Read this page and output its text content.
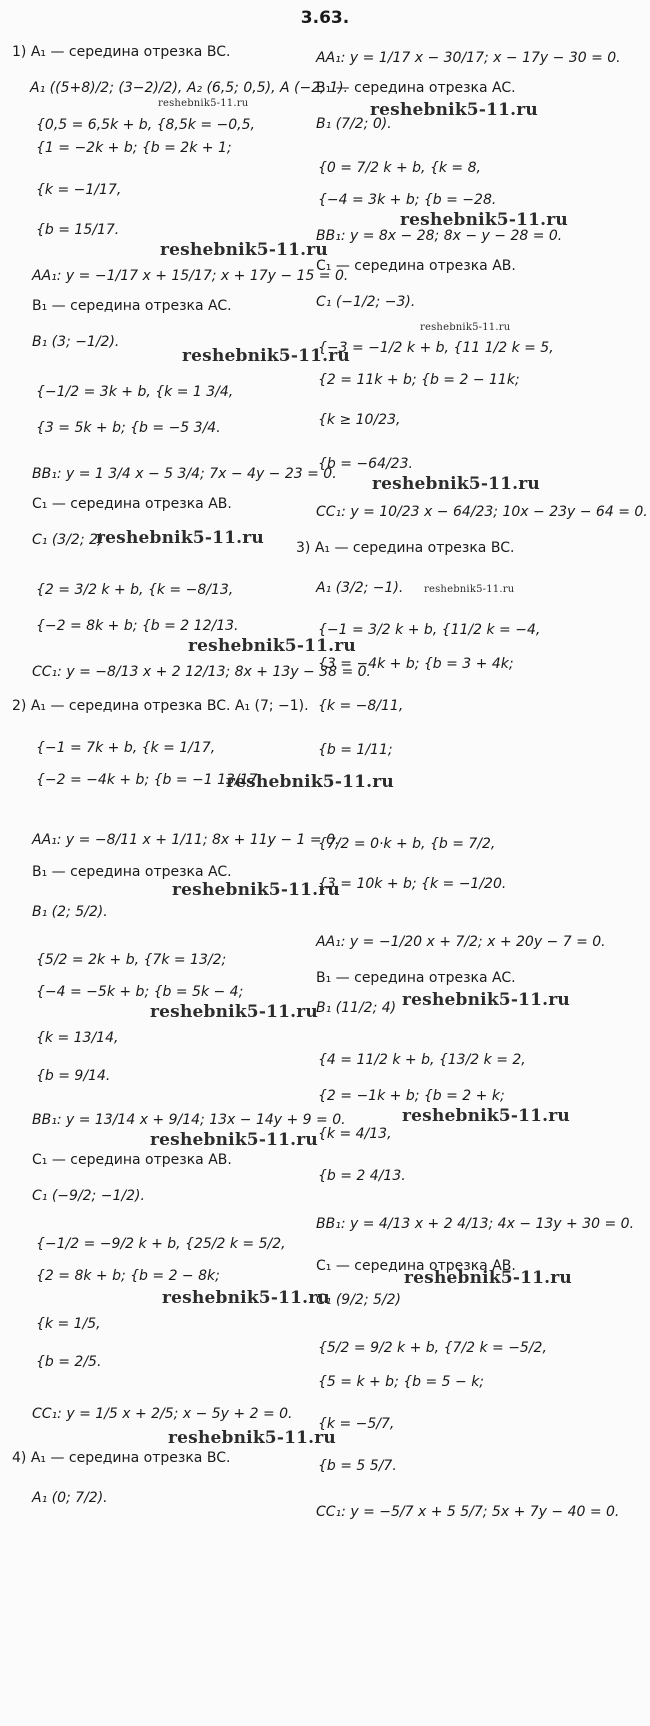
3.63.
1) A₁ — середина отрезка BC.
A₁ ((5+8)/2; (3−2)/2), A₂ (6,5; 0,5), A (−2; 1).
{0,5 = 6,5k + b, {8,5k = −0,5,
{1 = −2k + b; {b = 2k + 1;
{k = −1/17,
{b = 15/17.
AA₁: y = −1/17 x + 15/17; x + 17y − 15 = 0.
B₁ — середина отрезка AC.
B₁ (3; −1/2).
{−1/2 = 3k + b, {k = 1 3/4,
{3 = 5k + b; {b = −5 3/4.
BB₁: y = 1 3/4 x − 5 3/4; 7x − 4y − 23 = 0.
C₁ — середина отрезка AB.
C₁ (3/2; 2)
{2 = 3/2 k + b, {k = −8/13,
{−2 = 8k + b; {b = 2 12/13.
CC₁: y = −8/13 x + 2 12/13; 8x + 13y − 38 = 0.
2) A₁ — середина отрезка BC. A₁ (7; −1).
{−1 = 7k + b, {k = 1/17,
{−2 = −4k + b; {b = −1 13/17.
AA₁: y = −8/11 x + 1/11; 8x + 11y − 1 = 0.
B₁ — середина отрезка AC.
B₁ (2; 5/2).
{5/2 = 2k + b, {7k = 13/2;
{−4 = −5k + b; {b = 5k − 4;
{k = 13/14,
{b = 9/14.
BB₁: y = 13/14 x + 9/14; 13x − 14y + 9 = 0.
C₁ — середина отрезка AB.
C₁ (−9/2; −1/2).
{−1/2 = −9/2 k + b, {25/2 k = 5/2,
{2 = 8k + b; {b = 2 − 8k;
{k = 1/5,
{b = 2/5.
CC₁: y = 1/5 x + 2/5; x − 5y + 2 = 0.
4) A₁ — середина отрезка BC.
A₁ (0; 7/2).
AA₁: y = 1/17 x − 30/17; x − 17y − 30 = 0.
B₁ — середина отрезка AC.
B₁ (7/2; 0).
{0 = 7/2 k + b, {k = 8,
{−4 = 3k + b; {b = −28.
BB₁: y = 8x − 28; 8x − y − 28 = 0.
C₁ — середина отрезка AB.
C₁ (−1/2; −3).
{−3 = −1/2 k + b, {11 1/2 k = 5,
{2 = 11k + b; {b = 2 − 11k;
{k ≥ 10/23,
{b = −64/23.
CC₁: y = 10/23 x − 64/23; 10x − 23y − 64 = 0.
3) A₁ — середина отрезка BC.
A₁ (3/2; −1).
{−1 = 3/2 k + b, {11/2 k = −4,
{3 = −4k + b; {b = 3 + 4k;
{k = −8/11,
{b = 1/11;
{7/2 = 0·k + b, {b = 7/2,
{3 = 10k + b; {k = −1/20.
AA₁: y = −1/20 x + 7/2; x + 20y − 7 = 0.
B₁ — середина отрезка AC.
B₁ (11/2; 4)
{4 = 11/2 k + b, {13/2 k = 2,
{2 = −1k + b; {b = 2 + k;
{k = 4/13,
{b = 2 4/13.
BB₁: y = 4/13 x + 2 4/13; 4x − 13y + 30 = 0.
C₁ — середина отрезка AB.
C₁ (9/2; 5/2)
{5/2 = 9/2 k + b, {7/2 k = −5/2,
{5 = k + b; {b = 5 − k;
{k = −5/7,
{b = 5 5/7.
CC₁: y = −5/7 x + 5 5/7; 5x + 7y − 40 = 0.
reshebnik5-11.ru	reshebnik5-11.ru
reshebnik5-11.ru
reshebnik5-11.ru
reshebnik5-11.ru
reshebnik5-11.ru
reshebnik5-11.ru
reshebnik5-11.ru
reshebnik5-11.ru
reshebnik5-11.ru
reshebnik5-11.ru
reshebnik5-11.ru
reshebnik5-11.ru
reshebnik5-11.ru
reshebnik5-11.ru
reshebnik5-11.ru
reshebnik5-11.ru
reshebnik5-11.ru
reshebnik5-11.ru
